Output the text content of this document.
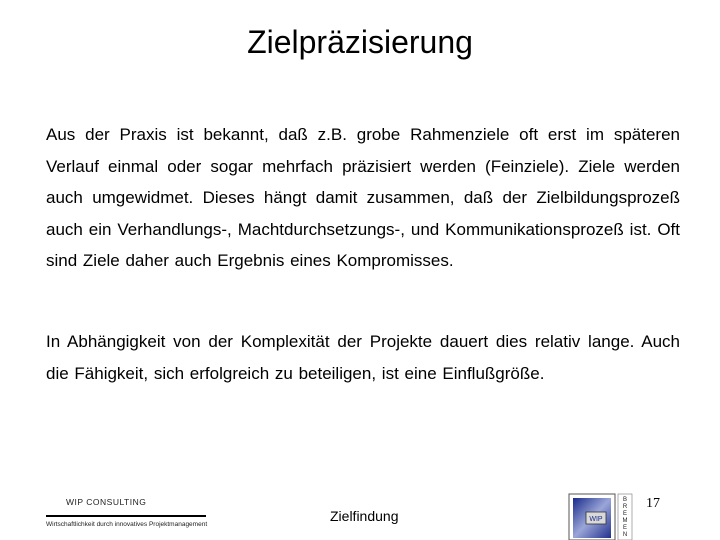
Zielpräzisierung
Aus der Praxis ist bekannt, daß z.B. grobe Rahmenziele oft erst im späteren Verlauf einmal oder sogar mehrfach präzisiert werden (Feinziele). Ziele werden auch umgewidmet. Dieses hängt damit zusammen, daß der Zielbildungsprozeß auch ein Verhandlungs-, Machtdurchsetzungs-, und Kommunikationsprozeß ist. Oft sind Ziele daher auch Ergebnis eines Kompromisses.
In Abhängigkeit von der Komplexität der Projekte dauert dies relativ lange. Auch die Fähigkeit, sich erfolgreich zu beteiligen, ist eine Einflußgröße.
WIP CONSULTING
Wirtschaftlichkeit durch innovatives Projektmanagement
Zielfindung	WIP
B
R
E
M
E
N
17
